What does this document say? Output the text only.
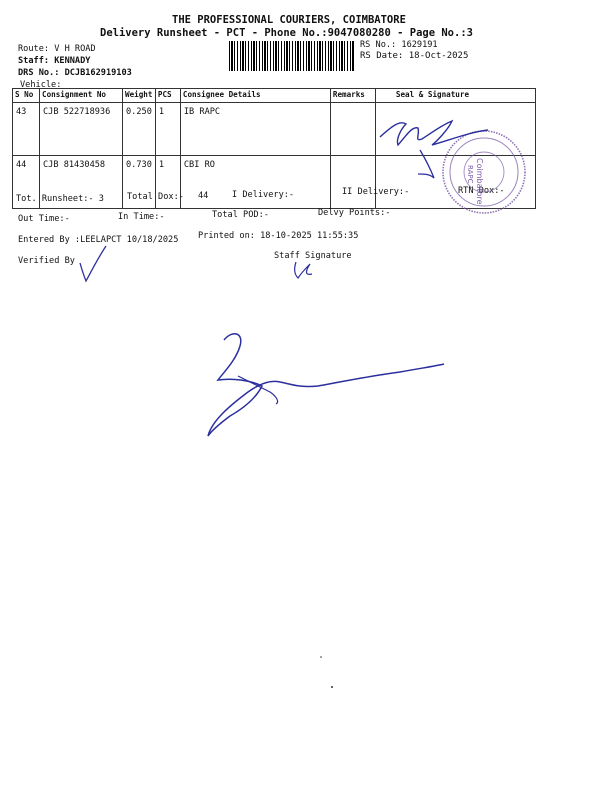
THE PROFESSIONAL COURIERS, COIMBATORE
Delivery Runsheet - PCT - Phone No.:9047080280 - Page No.:3
Route: V H ROAD
Staff: KENNADY
DRS No.: DCJB162919103
Vehicle:
RS No.: 1629191
RS Date: 18-Oct-2025
S No	Consignment No	Weight	PCS	Consignee Details	Remarks	Seal & Signature
43	CJB 522718936	0.250	1	IB RAPC		
44	CJB 81430458	0.730	1	CBI RO		
Tot. Runsheet:- 3	Total Dox:- 44	I Delivery:-	II Delivery:-	RTN Dox:-
Out Time:-	In Time:-	Total POD:-	Delvy Points:-
Entered By :LEELAPCT 10/18/2025 Printed on: 18-10-2025 11:55:35
Verified By	Staff Signature
Coimbatore
RAPC
